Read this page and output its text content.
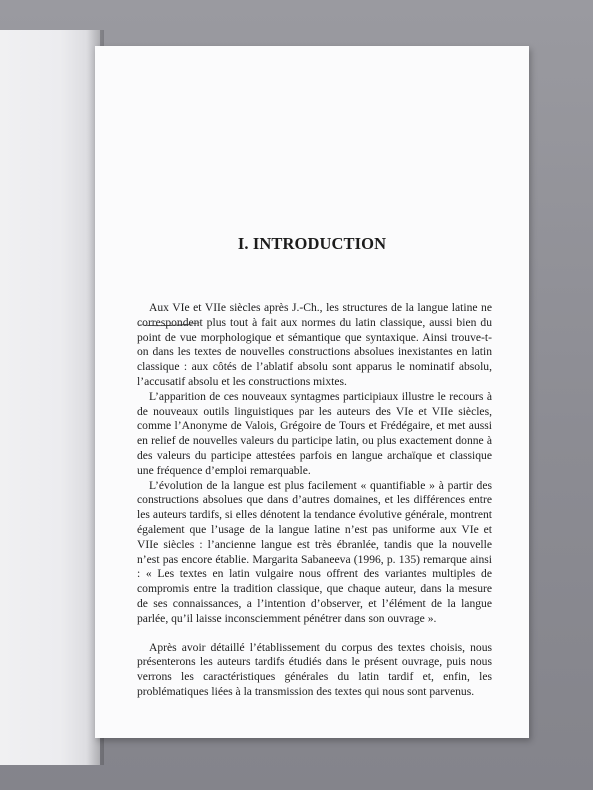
I. INTRODUCTION

Aux VIe et VIIe siècles après J.-Ch., les structures de la langue latine ne correspondent plus tout à fait aux normes du latin classique, aussi bien du point de vue morphologique et sémantique que syntaxique. Ainsi trouve-t-on dans les textes de nouvelles constructions absolues inexistantes en latin classique : aux côtés de l’ablatif absolu sont apparus le nominatif absolu, l’accusatif absolu et les constructions mixtes.

L’apparition de ces nouveaux syntagmes participiaux illustre le recours à de nouveaux outils linguistiques par les auteurs des VIe et VIIe siècles, comme l’Anonyme de Valois, Grégoire de Tours et Frédégaire, et met aussi en relief de nouvelles valeurs du participe latin, ou plus exactement donne à des valeurs du participe attestées parfois en langue archaïque et classique une fréquence d’emploi remarquable.

L’évolution de la langue est plus facilement « quantifiable » à partir des constructions absolues que dans d’autres domaines, et les différences entre les auteurs tardifs, si elles dénotent la tendance évolutive générale, montrent également que l’usage de la langue latine n’est pas uniforme aux VIe et VIIe siècles : l’ancienne langue est très ébranlée, tandis que la nouvelle n’est pas encore établie. Margarita Sabaneeva (1996, p. 135) remarque ainsi : « Les textes en latin vulgaire nous offrent des variantes multiples de compromis entre la tradition classique, que chaque auteur, dans la mesure de ses connaissances, a l’intention d’observer, et l’élément de la langue parlée, qu’il laisse inconsciemment pénétrer dans son ouvrage ».

Après avoir détaillé l’établissement du corpus des textes choisis, nous présenterons les auteurs tardifs étudiés dans le présent ouvrage, puis nous verrons les caractéristiques générales du latin tardif et, enfin, les problématiques liées à la transmission des textes qui nous sont parvenus.
